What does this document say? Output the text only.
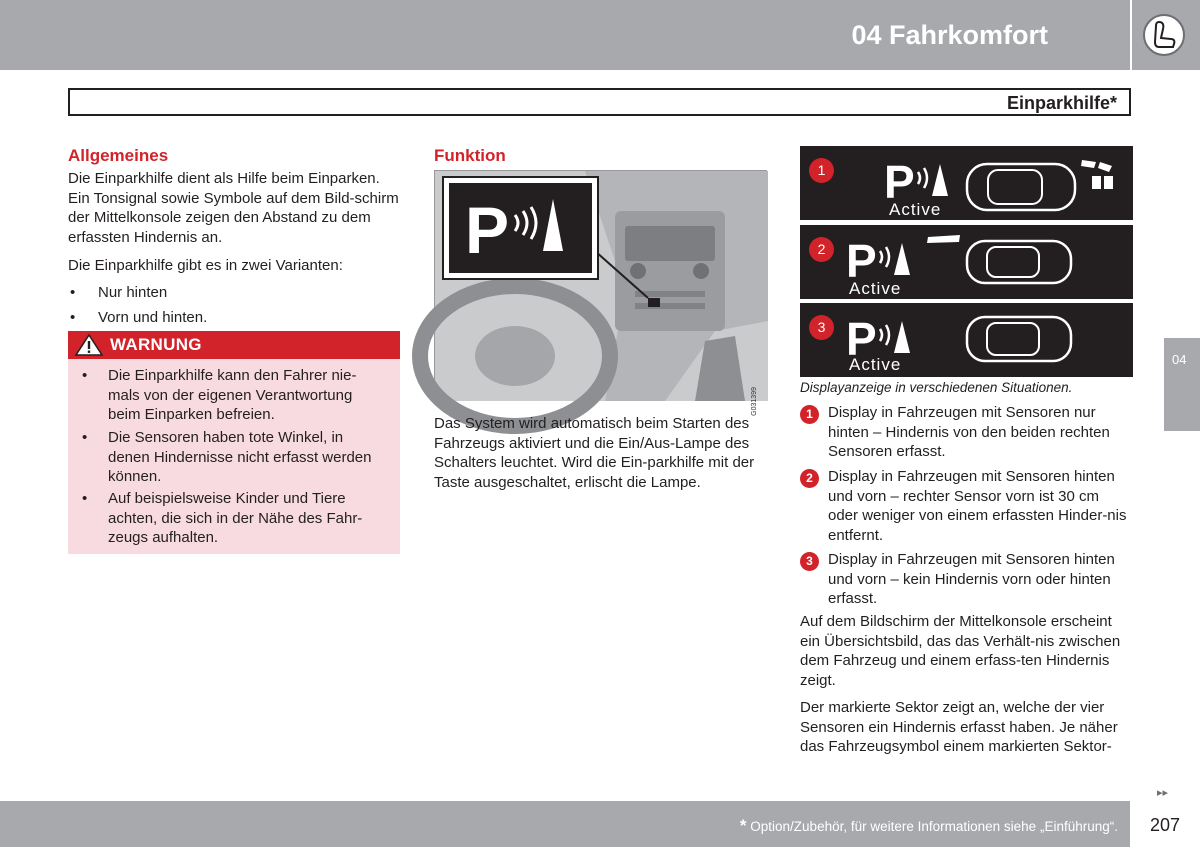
04 Fahrkomfort
Einparkhilfe*
Allgemeines
Die Einparkhilfe dient als Hilfe beim Einparken. Ein Tonsignal sowie Symbole auf dem Bild-schirm der Mittelkonsole zeigen den Abstand zu dem erfassten Hindernis an.
Die Einparkhilfe gibt es in zwei Varianten:
• Nur hinten
• Vorn und hinten.
WARNUNG
• Die Einparkhilfe kann den Fahrer nie-mals von der eigenen Verantwortung beim Einparken befreien.
• Die Sensoren haben tote Winkel, in denen Hindernisse nicht erfasst werden können.
• Auf beispielsweise Kinder und Tiere achten, die sich in der Nähe des Fahr-zeugs aufhalten.
Funktion
P
G031399
Das System wird automatisch beim Starten des Fahrzeugs aktiviert und die Ein/Aus-Lampe des Schalters leuchtet. Wird die Ein-parkhilfe mit der Taste ausgeschaltet, erlischt die Lampe.
1 P
Active
2 P
Active
3 P
Active
Displayanzeige in verschiedenen Situationen.
1	Display in Fahrzeugen mit Sensoren nur hinten – Hindernis von den beiden rechten Sensoren erfasst.
2	Display in Fahrzeugen mit Sensoren hinten und vorn – rechter Sensor vorn ist 30 cm oder weniger von einem erfassten Hinder-nis entfernt.
3	Display in Fahrzeugen mit Sensoren hinten und vorn – kein Hindernis vorn oder hinten erfasst.
Auf dem Bildschirm der Mittelkonsole erscheint ein Übersichtsbild, das das Verhält-nis zwischen dem Fahrzeug und einem erfass-ten Hindernis zeigt.
Der markierte Sektor zeigt an, welche der vier Sensoren ein Hindernis erfasst haben. Je näher das Fahrzeugsymbol einem markierten Sektor-
04
▸▸
* Option/Zubehör, für weitere Informationen siehe „Einführung“. 207
